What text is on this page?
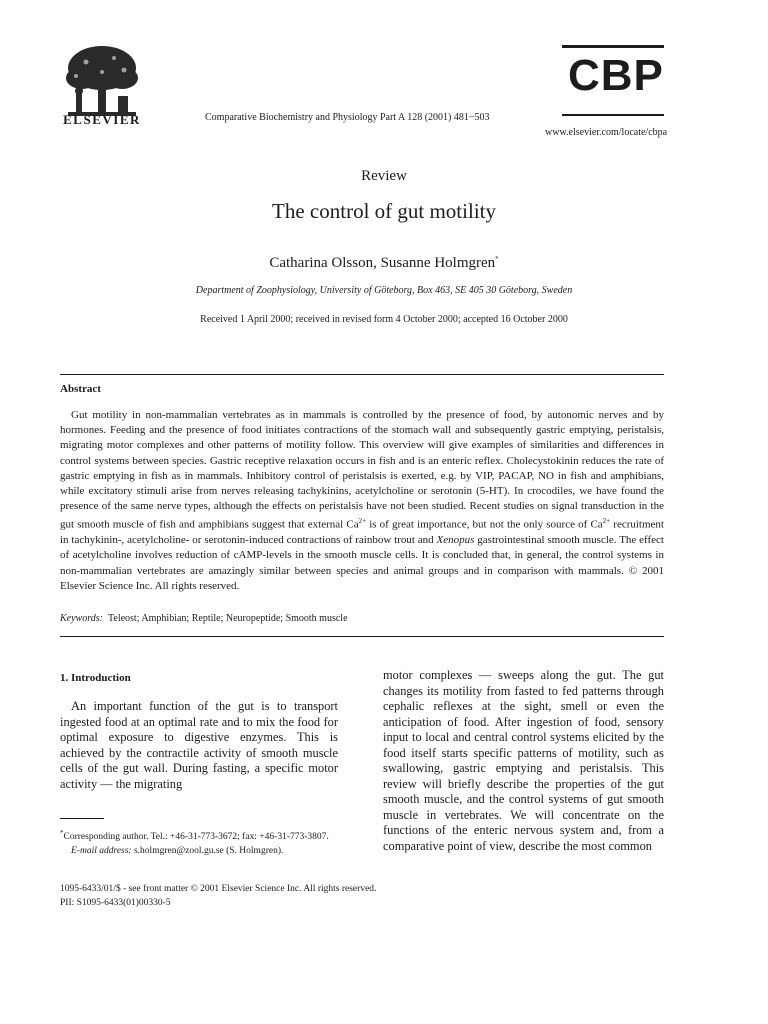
ELSEVIER	Comparative Biochemistry and Physiology Part A 128 (2001) 481−503
CBP
www.elsevier.com/locate/cbpa
Review
The control of gut motility
Catharina Olsson, Susanne Holmgren*
Department of Zoophysiology, University of Göteborg, Box 463, SE 405 30 Göteborg, Sweden
Received 1 April 2000; received in revised form 4 October 2000; accepted 16 October 2000
Abstract
Gut motility in non-mammalian vertebrates as in mammals is controlled by the presence of food, by autonomic nerves and by hormones. Feeding and the presence of food initiates contractions of the stomach wall and subsequently gastric emptying, peristalsis, migrating motor complexes and other patterns of motility follow. This overview will give examples of similarities and differences in control systems between species. Gastric receptive relaxation occurs in fish and is an enteric reflex. Cholecystokinin reduces the rate of gastric emptying in fish as in mammals. Inhibitory control of peristalsis is exerted, e.g. by VIP, PACAP, NO in fish and amphibians, while excitatory stimuli arise from nerves releasing tachykinins, acetylcholine or serotonin (5-HT). In crocodiles, we have found the presence of the same nerve types, although the effects on peristalsis have not been studied. Recent studies on signal transduction in the gut smooth muscle of fish and amphibians suggest that external $Ca^{2+}$ is of great importance, but not the only source of $Ca^{2+}$ recruitment in tachykinin-, acetylcholine- or serotonin-induced contractions of rainbow trout and Xenopus gastrointestinal smooth muscle. The effect of acetylcholine involves reduction of cAMP-levels in the smooth muscle cells. It is concluded that, in general, the control systems in non-mammalian vertebrates are amazingly similar between species and animal groups and in comparison with mammals. © 2001 Elsevier Science Inc. All rights reserved.
Keywords: Teleost; Amphibian; Reptile; Neuropeptide; Smooth muscle
1. Introduction
An important function of the gut is to transport ingested food at an optimal rate and to mix the food for optimal exposure to digestive enzymes. This is achieved by the contractile activity of smooth muscle cells of the gut wall. During fasting, a specific motor activity — the migrating
motor complexes — sweeps along the gut. The gut changes its motility from fasted to fed patterns through cephalic reflexes at the sight, smell or even the anticipation of food. After ingestion of food, sensory input to local and central control systems elicited by the food itself starts specific patterns of motility, such as swallowing, gastric emptying and peristalsis. This review will briefly describe the properties of the gut smooth muscle, and the control systems of gut smooth muscle in vertebrates. We will concentrate on the functions of the enteric nervous system and, from a comparative point of view, describe the most common
*Corresponding author. Tel.: +46-31-773-3672; fax: +46-31-773-3807.
E-mail address: s.holmgren@zool.gu.se (S. Holmgren).
1095-6433/01/$ - see front matter © 2001 Elsevier Science Inc. All rights reserved.
PII: S1095-6433(01)00330-5
